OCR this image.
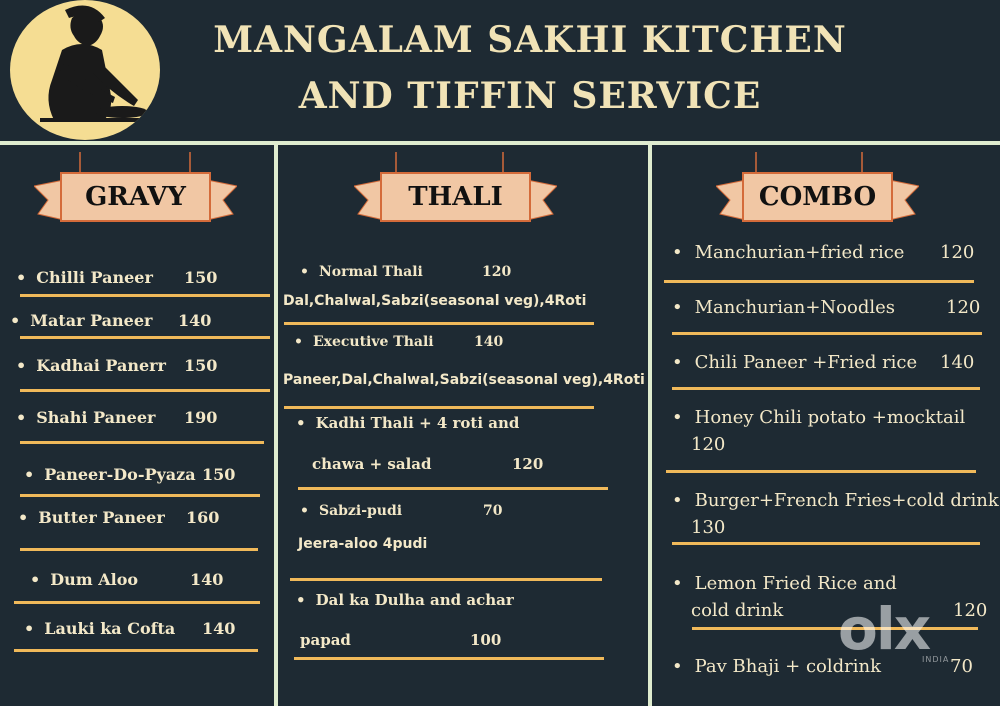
MANGALAM SAKHI KITCHEN
AND TIFFIN SERVICE
GRAVY	THALI	COMBO
• Chilli Paneer 150
• Matar Paneer 140
• Kadhai Panerr 150
• Shahi Paneer 190
• Paneer-Do-Pyaza 150
• Butter Paneer 160
• Dum Aloo	140
• Lauki ka Cofta 140
• Normal Thali	120
Dal,Chalwal,Sabzi(seasonal veg),4Roti
• Executive Thali	140
Paneer,Dal,Chalwal,Sabzi(seasonal veg),4Roti
• Kadhi Thali + 4 roti and
chawa + salad	120
• Sabzi-pudi	70
Jeera-aloo 4pudi
• Dal ka Dulha and achar
papad	100
• Manchurian+fried rice 120
• Manchurian+Noodles	120
• Chili Paneer +Fried rice 140
• Honey Chili potato +mocktail
120
• Burger+French Fries+cold drink
130
• Lemon Fried Rice and
cold drink	120
• Pav Bhaji + coldrink	70
olx
INDIA
